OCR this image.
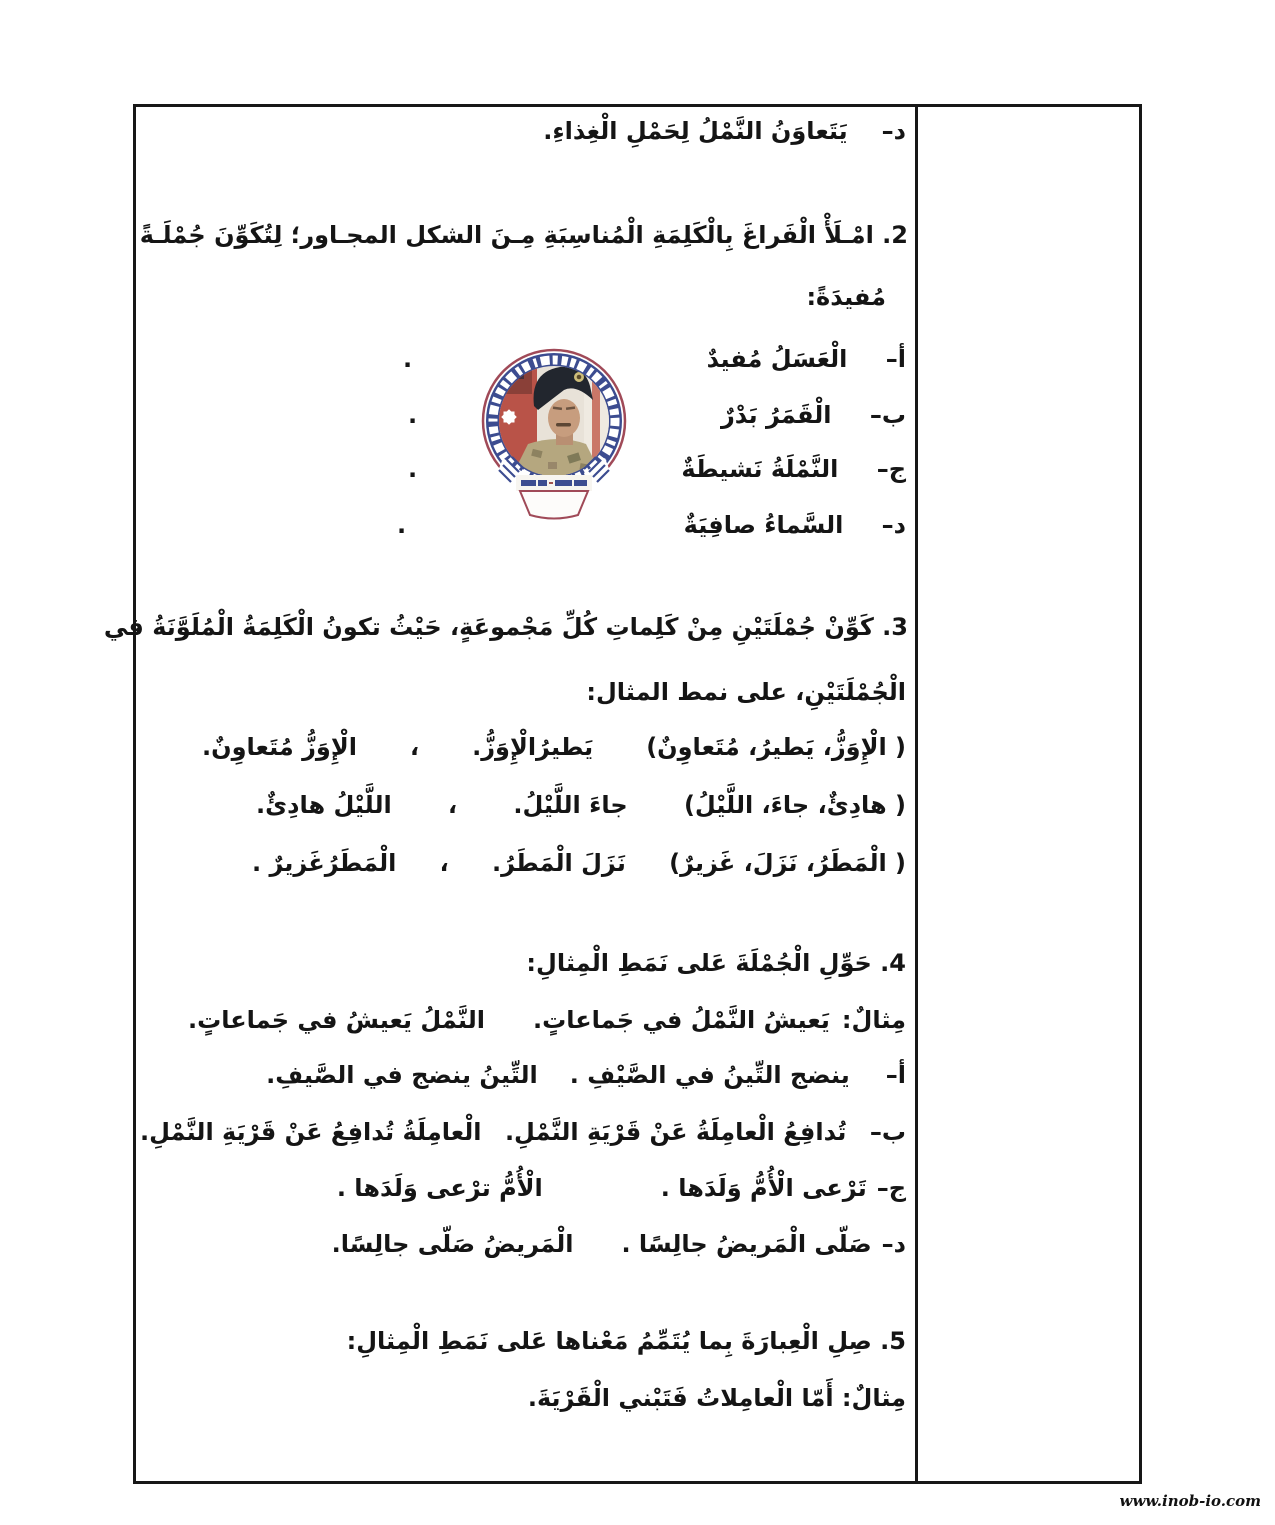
د–
يَتَعاوَنُ النَّمْلُ لِحَمْلِ الْغِذاءِ.
2. امْـلَأْ الْفَراغَ بِالْكَلِمَةِ الْمُناسِبَةِ مِـنَ الشكل المجـاور؛ لِتُكَوِّنَ جُمْلَـةً
مُفيدَةً:
أ– الْعَسَلُ مُفيدٌ
.
ب– الْقَمَرُ بَدْرٌ
.
ج– النَّمْلَةُ نَشيطَةٌ
.
د– السَّماءُ صافِيَةٌ
.
3. كَوِّنْ جُمْلَتَيْنِ مِنْ كَلِماتِ كُلِّ مَجْموعَةٍ، حَيْثُ تكونُ الْكَلِمَةُ الْمُلَوَّنَةُ في
الْجُمْلَتَيْنِ، على نمط المثال:
( الْإِوَزُّ، يَطيرُ، مُتَعاوِنٌ)
يَطيرُالْإِوَزُّ.
،
الْإِوَزُّ مُتَعاوِنٌ.
( هادِئٌ، جاءَ، اللَّيْلُ)
جاءَ اللَّيْلُ.
،
اللَّيْلُ هادِئٌ.
( الْمَطَرُ، نَزَلَ، غَزيرٌ)
نَزَلَ الْمَطَرُ.
،
الْمَطَرُغَزيرٌ .
4. حَوِّلِ الْجُمْلَةَ عَلى نَمَطِ الْمِثالِ:
مِثالٌ:
يَعيشُ النَّمْلُ في جَماعاتٍ.
النَّمْلُ يَعيشُ في جَماعاتٍ.
أ–
ينضج التِّينُ في الصَّيْفِ .
التِّينُ ينضج في الصَّيفِ.
ب–
تُدافِعُ الْعامِلَةُ عَنْ قَرْيَةِ النَّمْلِ.
الْعامِلَةُ تُدافِعُ عَنْ قَرْيَةِ النَّمْلِ.
ج–
تَرْعى الْأُمُّ وَلَدَها .
الْأُمُّ ترْعى وَلَدَها .
د–
صَلّى الْمَريضُ جالِسًا .
الْمَريضُ صَلّى جالِسًا.
5. صِلِ الْعِبارَةَ بِما يُتَمِّمُ مَعْناها عَلى نَمَطِ الْمِثالِ:
مِثالٌ: أَمّا الْعامِلاتُ فَتَبْني الْقَرْيَةَ.
www.inob-io.com
